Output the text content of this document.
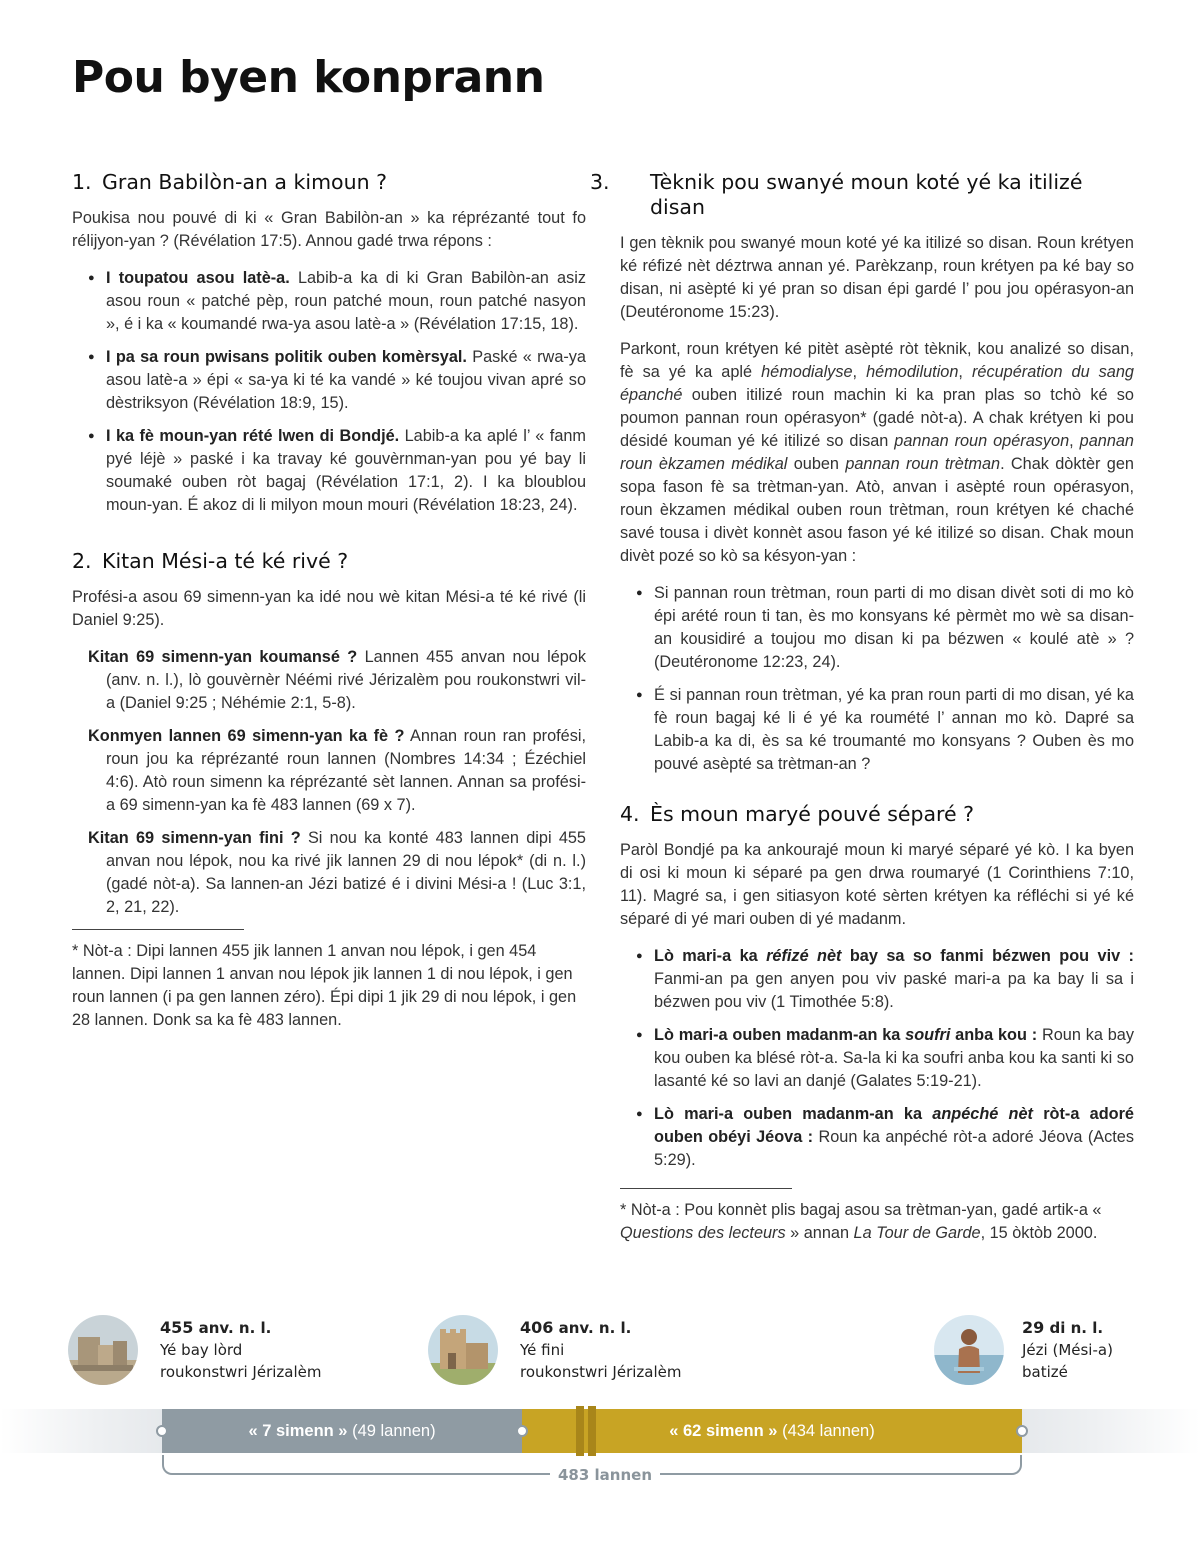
Pou byen konprann
1. Gran Babilòn-an a kimoun ?

Poukisa nou pouvé di ki « Gran Babilòn-an » ka réprézanté tout fo rélijyon-yan ? (Révélation 17:5). Annou gadé trwa répons :

● I toupatou asou latè-a. Labib-a ka di ki Gran Babilòn-an asiz asou roun « patché pèp, roun patché moun, roun patché nasyon », é i ka « koumandé rwa-ya asou latè-a » (Révélation 17:15, 18).
● I pa sa roun pwisans politik ouben komèrsyal. Paské « rwa-ya asou latè-a » épi « sa-ya ki té ka vandé » ké toujou vivan apré so dèstriksyon (Révélation 18:9, 15).
● I ka fè moun-yan rété lwen di Bondjé. Labib-a ka aplé l’ « fanm pyé léjè » paské i ka travay ké gouvèrnman-yan pou yé bay li soumaké ouben ròt bagaj (Révélation 17:1, 2). I ka bloublou moun-yan. É akoz di li milyon moun mouri (Révélation 18:23, 24).
2. Kitan Mési-a té ké rivé ?

Profési-a asou 69 simenn-yan ka idé nou wè kitan Mési-a té ké rivé (li Daniel 9:25).

Kitan 69 simenn-yan koumansé ? Lannen 455 anvan nou lépok (anv. n. l.), lò gouvèrnèr Néémi rivé Jérizalèm pou roukonstwri vil-a (Daniel 9:25 ; Néhémie 2:1, 5-8).
Konmyen lannen 69 simenn-yan ka fè ? Annan roun ran profési, roun jou ka réprézanté roun lannen (Nombres 14:34 ; Ézéchiel 4:6). Atò roun simenn ka réprézanté sèt lannen. Annan sa profési-a 69 simenn-yan ka fè 483 lannen (69 x 7).
Kitan 69 simenn-yan fini ? Si nou ka konté 483 lannen dipi 455 anvan nou lépok, nou ka rivé jik lannen 29 di nou lépok* (di n. l.) (gadé nòt-a). Sa lannen-an Jézi batizé é i divini Mési-a ! (Luc 3:1, 2, 21, 22).

* Nòt-a : Dipi lannen 455 jik lannen 1 anvan nou lépok, i gen 454 lannen. Dipi lannen 1 anvan nou lépok jik lannen 1 di nou lépok, i gen roun lannen (i pa gen lannen zéro). Épi dipi 1 jik 29 di nou lépok, i gen 28 lannen. Donk sa ka fè 483 lannen.

3. Tèknik pou swanyé moun koté yé ka itilizé disan

I gen tèknik pou swanyé moun koté yé ka itilizé so disan. Roun krétyen ké réfizé nèt déztrwa annan yé. Parèkzanp, roun krétyen pa ké bay so disan, ni asèpté ki yé pran so disan épi gardé l’ pou jou opérasyon-an (Deutéronome 15:23).

Parkont, roun krétyen ké pitèt asèpté ròt tèknik, kou analizé so disan, fè sa yé ka aplé hémodialyse, hémodilution, récupération du sang épanché ouben itilizé roun machin ki ka pran plas so tchò ké so poumon pannan roun opérasyon* (gadé nòt-a). A chak krétyen ki pou désidé kouman yé ké itilizé so disan pannan roun opérasyon, pannan roun èkzamen médikal ouben pannan roun trètman. Chak dòktèr gen sopa fason fè sa trètman-yan. Atò, anvan i asèpté roun opérasyon, roun èkzamen médikal ouben roun trètman, roun krétyen ké chaché savé tousa i divèt konnèt asou fason yé ké itilizé so disan. Chak moun divèt pozé so kò sa késyon-yan :

● Si pannan roun trètman, roun parti di mo disan divèt soti di mo kò épi arété roun ti tan, ès mo konsyans ké pèrmèt mo wè sa disan-an kousidiré a toujou mo disan ki pa bézwen « koulé atè » ? (Deutéronome 12:23, 24).
● É si pannan roun trètman, yé ka pran roun parti di mo disan, yé ka fè roun bagaj ké li é yé ka roumété l’ annan mo kò. Dapré sa Labib-a ka di, ès sa ké troumanté mo konsyans ? Ouben ès mo pouvé asèpté sa trètman-an ?
4. Ès moun maryé pouvé séparé ?

Paròl Bondjé pa ka ankourajé moun ki maryé séparé yé kò. I ka byen di osi ki moun ki séparé pa gen drwa roumaryé (1 Corinthiens 7:10, 11). Magré sa, i gen sitiasyon koté sèrten krétyen ka réfléchi si yé ké séparé di yé mari ouben di yé madanm.

● Lò mari-a ka réfizé nèt bay sa so fanmi bézwen pou viv : Fanmi-an pa gen anyen pou viv paské mari-a pa ka bay li sa i bézwen pou viv (1 Timothée 5:8).
● Lò mari-a ouben madanm-an ka soufri anba kou : Roun ka bay kou ouben ka blésé ròt-a. Sa-la ki ka soufri anba kou ka santi ki so lasanté ké so lavi an danjé (Galates 5:19-21).
● Lò mari-a ouben madanm-an ka anpéché nèt ròt-a adoré ouben obéyi Jéova : Roun ka anpéché ròt-a adoré Jéova (Actes 5:29).

* Nòt-a : Pou konnèt plis bagaj asou sa trètman-yan, gadé artik-a « Questions des lecteurs » annan La Tour de Garde, 15 òktòb 2000.

455 anv. n. l.
Yé bay lòrd
roukonstwri Jérizalèm
406 anv. n. l.
Yé fini
roukonstwri Jérizalèm
29 di n. l.
Jézi (Mési-a)
batizé
« 7 simenn » (49 lannen)	« 62 simenn » (434 lannen)
483 lannen
